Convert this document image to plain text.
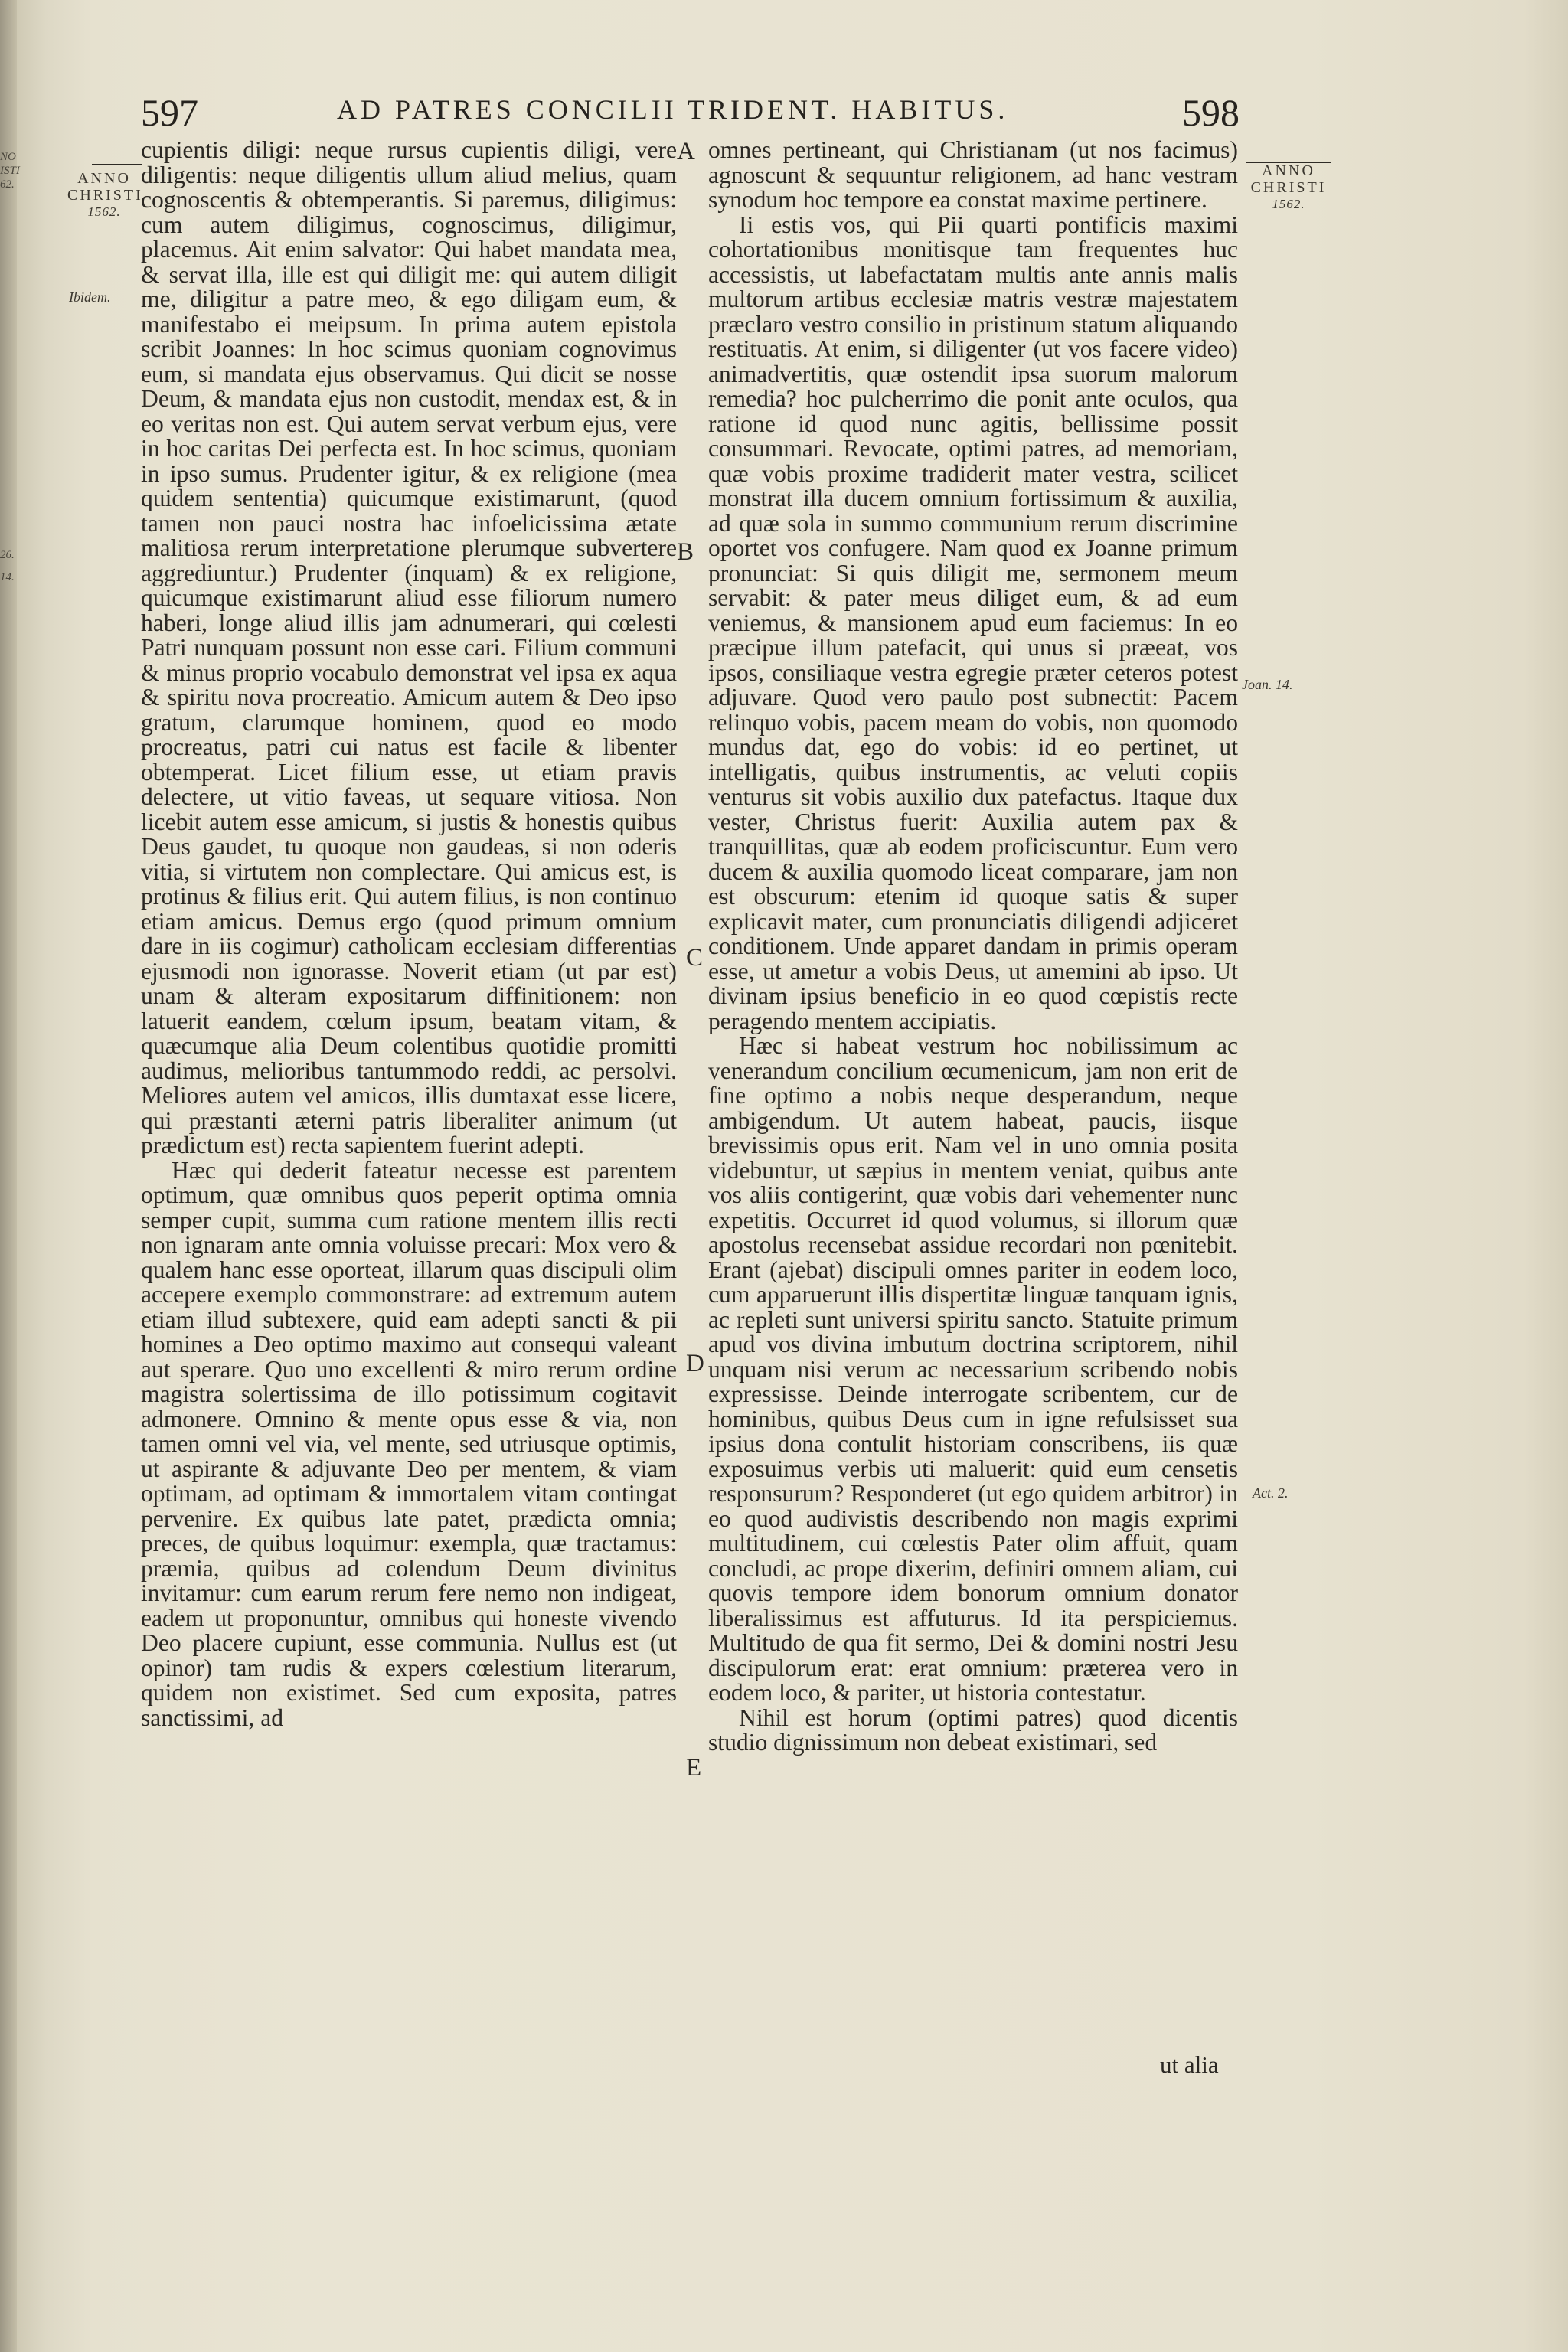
NO ISTI 62.
26.
14.
597	AD PATRES CONCILII TRIDENT. HABITUS.	598
ANNO
CHRISTI
1562.
Ibidem.
ANNO
CHRISTI
1562.
Joan. 14.
Act. 2.
A
B
C
D
E

cupientis diligi: neque rursus cupientis diligi, vere diligentis: neque diligentis ullum aliud melius, quam cognoscentis & obtemperantis. Si paremus, diligimus: cum autem diligimus, cognoscimus, diligimur, placemus. Ait enim salvator: Qui habet mandata mea, & servat illa, ille est qui diligit me: qui autem diligit me, diligitur a patre meo, & ego diligam eum, & manifestabo ei meipsum. In prima autem epistola scribit Joannes: In hoc scimus quoniam cognovimus eum, si mandata ejus observamus. Qui dicit se nosse Deum, & mandata ejus non custodit, mendax est, & in eo veritas non est. Qui autem servat verbum ejus, vere in hoc caritas Dei perfecta est. In hoc scimus, quoniam in ipso sumus. Prudenter igitur, & ex religione (mea quidem sententia) quicumque existimarunt, (quod tamen non pauci nostra hac infoelicissima ætate malitiosa rerum interpretatione plerumque subvertere aggrediuntur.) Prudenter (inquam) & ex religione, quicumque existimarunt aliud esse filiorum numero haberi, longe aliud illis jam adnumerari, qui cœlesti Patri nunquam possunt non esse cari. Filium communi & minus proprio vocabulo demonstrat vel ipsa ex aqua & spiritu nova procreatio. Amicum autem & Deo ipso gratum, clarumque hominem, quod eo modo procreatus, patri cui natus est facile & libenter obtemperat. Licet filium esse, ut etiam pravis delectere, ut vitio faveas, ut sequare vitiosa. Non licebit autem esse amicum, si justis & honestis quibus Deus gaudet, tu quoque non gaudeas, si non oderis vitia, si virtutem non complectare. Qui amicus est, is protinus & filius erit. Qui autem filius, is non continuo etiam amicus. Demus ergo (quod primum omnium dare in iis cogimur) catholicam ecclesiam differentias ejusmodi non ignorasse. Noverit etiam (ut par est) unam & alteram expositarum diffinitionem: non latuerit eandem, cœlum ipsum, beatam vitam, & quæcumque alia Deum colentibus quotidie promitti audimus, melioribus tantummodo reddi, ac persolvi. Meliores autem vel amicos, illis dumtaxat esse licere, qui præstanti æterni patris liberaliter animum (ut prædictum est) recta sapientem fuerint adepti.

Hæc qui dederit fateatur necesse est parentem optimum, quæ omnibus quos peperit optima omnia semper cupit, summa cum ratione mentem illis recti non ignaram ante omnia voluisse precari: Mox vero & qualem hanc esse oporteat, illarum quas discipuli olim accepere exemplo commonstrare: ad extremum autem etiam illud subtexere, quid eam adepti sancti & pii homines a Deo optimo maximo aut consequi valeant aut sperare. Quo uno excellenti & miro rerum ordine magistra solertissima de illo potissimum cogitavit admonere. Omnino & mente opus esse & via, non tamen omni vel via, vel mente, sed utriusque optimis, ut aspirante & adjuvante Deo per mentem, & viam optimam, ad optimam & immortalem vitam contingat pervenire. Ex quibus late patet, prædicta omnia; preces, de quibus loquimur: exempla, quæ tractamus: præmia, quibus ad colendum Deum divinitus invitamur: cum earum rerum fere nemo non indigeat, eadem ut proponuntur, omnibus qui honeste vivendo Deo placere cupiunt, esse communia. Nullus est (ut opinor) tam rudis & expers cœlestium literarum, quidem non existimet. Sed cum exposita, patres sanctissimi, ad

omnes pertineant, qui Christianam (ut nos facimus) agnoscunt & sequuntur religionem, ad hanc vestram synodum hoc tempore ea constat maxime pertinere.

Ii estis vos, qui Pii quarti pontificis maximi cohortationibus monitisque tam frequentes huc accessistis, ut labefactatam multis ante annis malis multorum artibus ecclesiæ matris vestræ majestatem præclaro vestro consilio in pristinum statum aliquando restituatis. At enim, si diligenter (ut vos facere video) animadvertitis, quæ ostendit ipsa suorum malorum remedia? hoc pulcherrimo die ponit ante oculos, qua ratione id quod nunc agitis, bellissime possit consummari. Revocate, optimi patres, ad memoriam, quæ vobis proxime tradiderit mater vestra, scilicet monstrat illa ducem omnium fortissimum & auxilia, ad quæ sola in summo communium rerum discrimine oportet vos confugere. Nam quod ex Joanne primum pronunciat: Si quis diligit me, sermonem meum servabit: & pater meus diliget eum, & ad eum veniemus, & mansionem apud eum faciemus: In eo præcipue illum patefacit, qui unus si præeat, vos ipsos, consiliaque vestra egregie præter ceteros potest adjuvare. Quod vero paulo post subnectit: Pacem relinquo vobis, pacem meam do vobis, non quomodo mundus dat, ego do vobis: id eo pertinet, ut intelligatis, quibus instrumentis, ac veluti copiis venturus sit vobis auxilio dux patefactus. Itaque dux vester, Christus fuerit: Auxilia autem pax & tranquillitas, quæ ab eodem proficiscuntur. Eum vero ducem & auxilia quomodo liceat comparare, jam non est obscurum: etenim id quoque satis & super explicavit mater, cum pronunciatis diligendi adjiceret conditionem. Unde apparet dandam in primis operam esse, ut ametur a vobis Deus, ut amemini ab ipso. Ut divinam ipsius beneficio in eo quod cœpistis recte peragendo mentem accipiatis.

Hæc si habeat vestrum hoc nobilissimum ac venerandum concilium œcumenicum, jam non erit de fine optimo a nobis neque desperandum, neque ambigendum. Ut autem habeat, paucis, iisque brevissimis opus erit. Nam vel in uno omnia posita videbuntur, ut sæpius in mentem veniat, quibus ante vos aliis contigerint, quæ vobis dari vehementer nunc expetitis. Occurret id quod volumus, si illorum quæ apostolus recensebat assidue recordari non pœnitebit. Erant (ajebat) discipuli omnes pariter in eodem loco, cum apparuerunt illis dispertitæ linguæ tanquam ignis, ac repleti sunt universi spiritu sancto. Statuite primum apud vos divina imbutum doctrina scriptorem, nihil unquam nisi verum ac necessarium scribendo nobis expressisse. Deinde interrogate scribentem, cur de hominibus, quibus Deus cum in igne refulsisset sua ipsius dona contulit historiam conscribens, iis quæ exposuimus verbis uti maluerit: quid eum censetis responsurum? Responderet (ut ego quidem arbitror) in eo quod audivistis describendo non magis exprimi multitudinem, cui cœlestis Pater olim affuit, quam concludi, ac prope dixerim, definiri omnem aliam, cui quovis tempore idem bonorum omnium donator liberalissimus est affuturus. Id ita perspiciemus. Multitudo de qua fit sermo, Dei & domini nostri Jesu discipulorum erat: erat omnium: præterea vero in eodem loco, & pariter, ut historia contestatur.

Nihil est horum (optimi patres) quod dicentis studio dignissimum non debeat existimari, sed

ut alia
